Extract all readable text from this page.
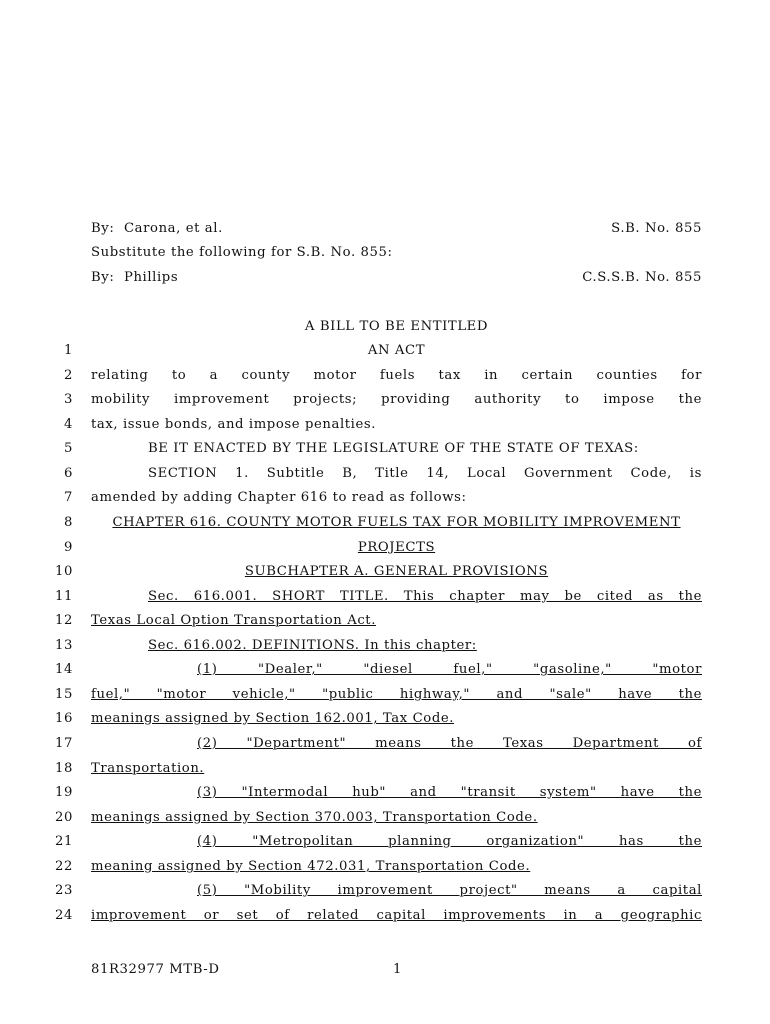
By:  Carona, et al.	S.B. No. 855
Substitute the following for S.B. No. 855:
By:  Phillips	C.S.S.B. No. 855
A BILL TO BE ENTITLED
1	AN ACT
2 relating to a county motor fuels tax in certain counties for
3 mobility improvement projects; providing authority to impose the
4 tax, issue bonds, and impose penalties.
5	BE IT ENACTED BY THE LEGISLATURE OF THE STATE OF TEXAS:
6	SECTION 1. Subtitle B, Title 14, Local Government Code, is
7 amended by adding Chapter 616 to read as follows:
8	CHAPTER 616. COUNTY MOTOR FUELS TAX FOR MOBILITY IMPROVEMENT
9	PROJECTS
10	SUBCHAPTER A. GENERAL PROVISIONS
11	Sec. 616.001. SHORT TITLE. This chapter may be cited as the
12 Texas Local Option Transportation Act.
13	Sec. 616.002. DEFINITIONS. In this chapter:
14	(1) "Dealer," "diesel fuel," "gasoline," "motor
15 fuel," "motor vehicle," "public highway," and "sale" have the
16 meanings assigned by Section 162.001, Tax Code.
17	(2) "Department" means the Texas Department of
18 Transportation.
19	(3) "Intermodal hub" and "transit system" have the
20 meanings assigned by Section 370.003, Transportation Code.
21	(4) "Metropolitan planning organization" has the
22 meaning assigned by Section 472.031, Transportation Code.
23	(5) "Mobility improvement project" means a capital
24 improvement or set of related capital improvements in a geographic
81R32977 MTB-D	1
